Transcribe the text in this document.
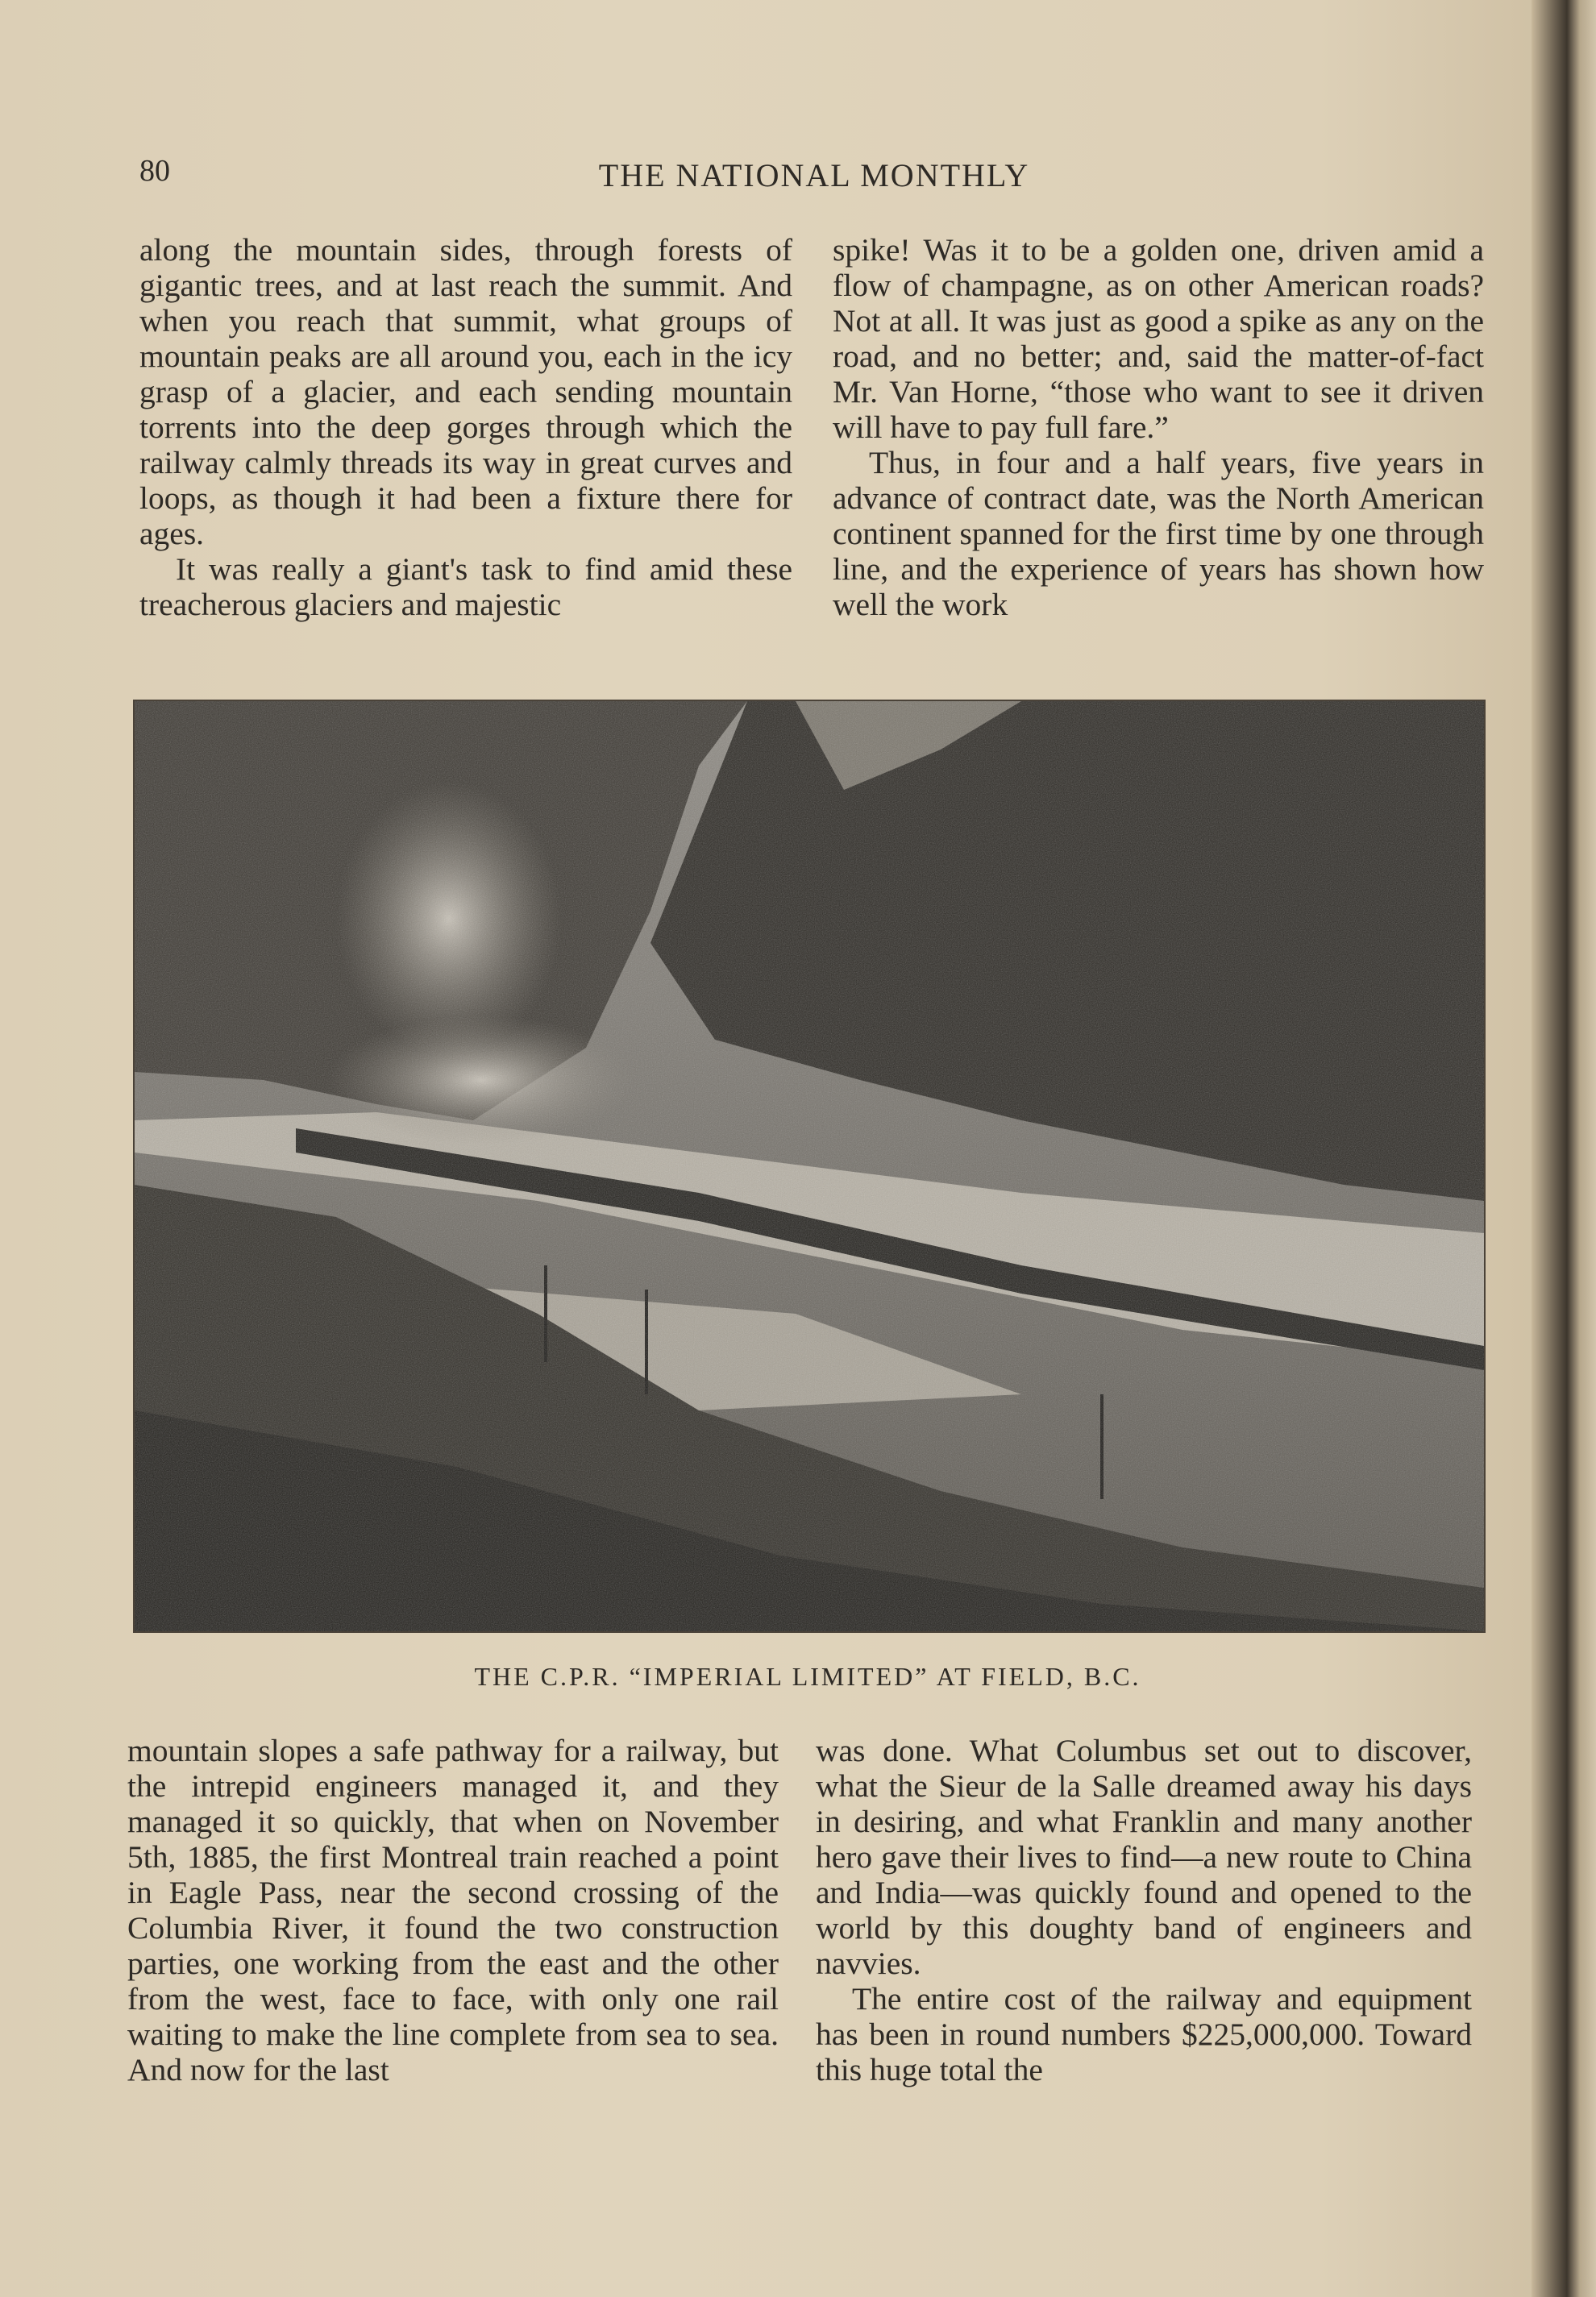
80	THE NATIONAL MONTHLY

along the mountain sides, through forests of gigantic trees, and at last reach the summit. And when you reach that summit, what groups of mountain peaks are all around you, each in the icy grasp of a glacier, and each sending mountain torrents into the deep gorges through which the railway calmly threads its way in great curves and loops, as though it had been a fixture there for ages.

It was really a giant's task to find amid these treacherous glaciers and majestic

spike! Was it to be a golden one, driven amid a flow of champagne, as on other American roads? Not at all. It was just as good a spike as any on the road, and no better; and, said the matter-of-fact Mr. Van Horne, “those who want to see it driven will have to pay full fare.”

Thus, in four and a half years, five years in advance of contract date, was the North American continent spanned for the first time by one through line, and the experience of years has shown how well the work

THE C.P.R. “IMPERIAL LIMITED” AT FIELD, B.C.

mountain slopes a safe pathway for a railway, but the intrepid engineers managed it, and they managed it so quickly, that when on November 5th, 1885, the first Montreal train reached a point in Eagle Pass, near the second crossing of the Columbia River, it found the two construction parties, one working from the east and the other from the west, face to face, with only one rail waiting to make the line complete from sea to sea. And now for the last

was done. What Columbus set out to discover, what the Sieur de la Salle dreamed away his days in desiring, and what Franklin and many another hero gave their lives to find—a new route to China and India—was quickly found and opened to the world by this doughty band of engineers and navvies.

The entire cost of the railway and equipment has been in round numbers $225,000,000. Toward this huge total the
